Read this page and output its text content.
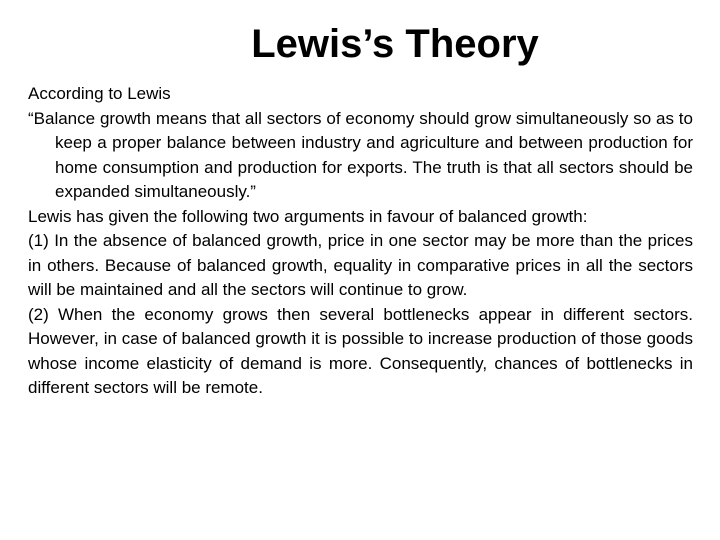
Lewis’s Theory

According to Lewis

“Balance growth means that all sectors of economy should grow simultaneously so as to keep a proper balance between industry and agriculture and between production for home consumption and production for exports. The truth is that all sectors should be expanded simultaneously.”

Lewis has given the following two arguments in favour of balanced growth:

(1) In the absence of balanced growth, price in one sector may be more than the prices in others. Because of balanced growth, equality in comparative prices in all the sectors will be maintained and all the sectors will continue to grow.

(2) When the economy grows then several bottlenecks appear in different sectors. However, in case of balanced growth it is possible to increase production of those goods whose income elasticity of demand is more. Consequently, chances of bottlenecks in different sectors will be remote.
